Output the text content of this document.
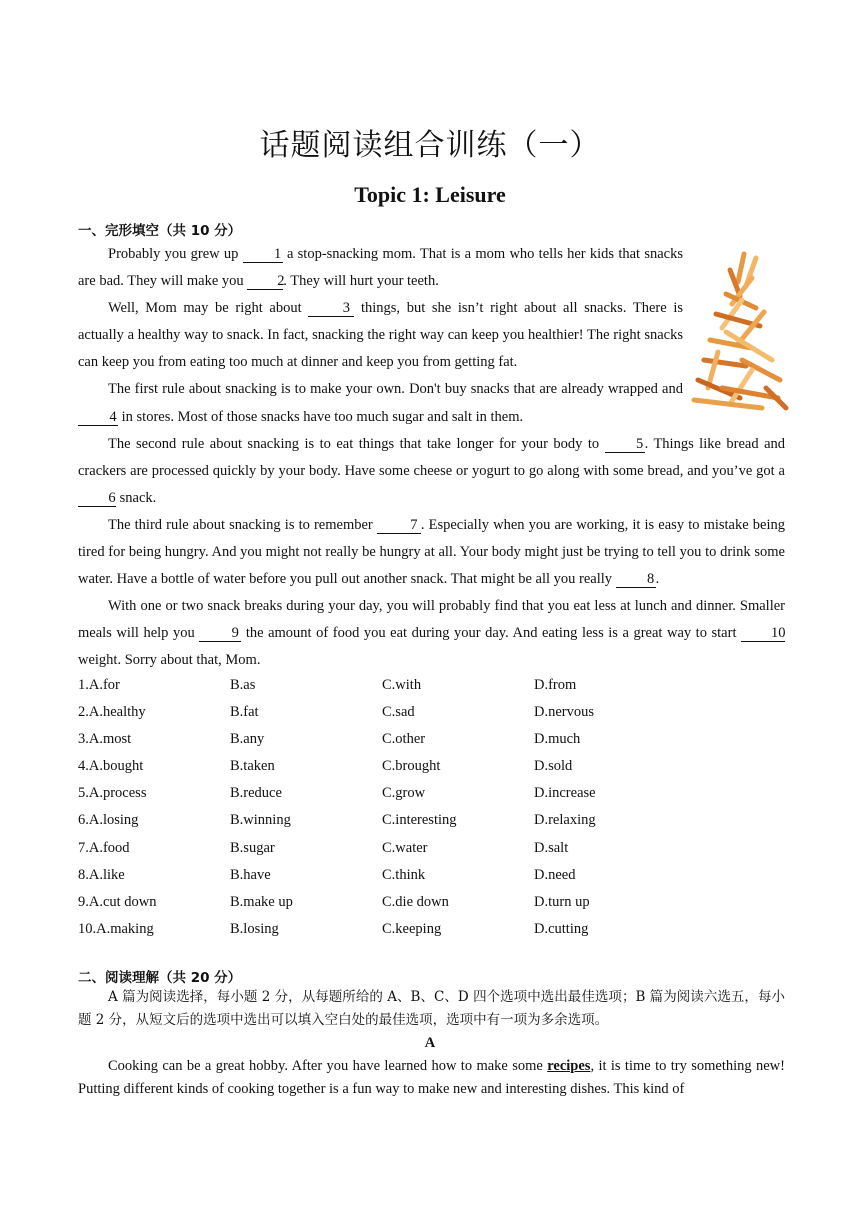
话题阅读组合训练（一）
Topic 1: Leisure
一、完形填空（共 10 分）

Probably you grew up 1 a stop-snacking mom. That is a mom who tells her kids that snacks are bad. They will make you 2. They will hurt your teeth.

Well, Mom may be right about 3 things, but she isn’t right about all snacks. There is actually a healthy way to snack. In fact, snacking the right way can keep you healthier! The right snacks can keep you from eating too much at dinner and keep you from getting fat.

The first rule about snacking is to make your own. Don't buy snacks that are already wrapped and 4 in stores. Most of those snacks have too much sugar and salt in them.

The second rule about snacking is to eat things that take longer for your body to 5. Things like bread and crackers are processed quickly by your body. Have some cheese or yogurt to go along with some bread, and you’ve got a 6 snack.

The third rule about snacking is to remember 7 . Especially when you are working, it is easy to mistake being tired for being hungry. And you might not really be hungry at all. Your body might just be trying to tell you to drink some water. Have a bottle of water before you pull out another snack. That might be all you really 8.

With one or two snack breaks during your day, you will probably find that you eat less at lunch and dinner. Smaller meals will help you 9 the amount of food you eat during your day. And eating less is a great way to start 10 weight. Sorry about that, Mom.

1.A.for	B.as	C.with	D.from
2.A.healthy	B.fat	C.sad	D.nervous
3.A.most	B.any	C.other	D.much
4.A.bought	B.taken	C.brought	D.sold
5.A.process	B.reduce	C.grow	D.increase
6.A.losing	B.winning	C.interesting	D.relaxing
7.A.food	B.sugar	C.water	D.salt
8.A.like	B.have	C.think	D.need
9.A.cut down	B.make up	C.die down	D.turn up
10.A.making	B.losing	C.keeping	D.cutting
二、阅读理解（共 20 分）

A 篇为阅读选择，每小题 2 分，从每题所给的 A、B、C、D 四个选项中选出最佳选项；B 篇为阅读六选五，每小题 2 分，从短文后的选项中选出可以填入空白处的最佳选项，选项中有一项为多余选项。

A

Cooking can be a great hobby. After you have learned how to make some recipes, it is time to try something new! Putting different kinds of cooking together is a fun way to make new and interesting dishes. This kind of
